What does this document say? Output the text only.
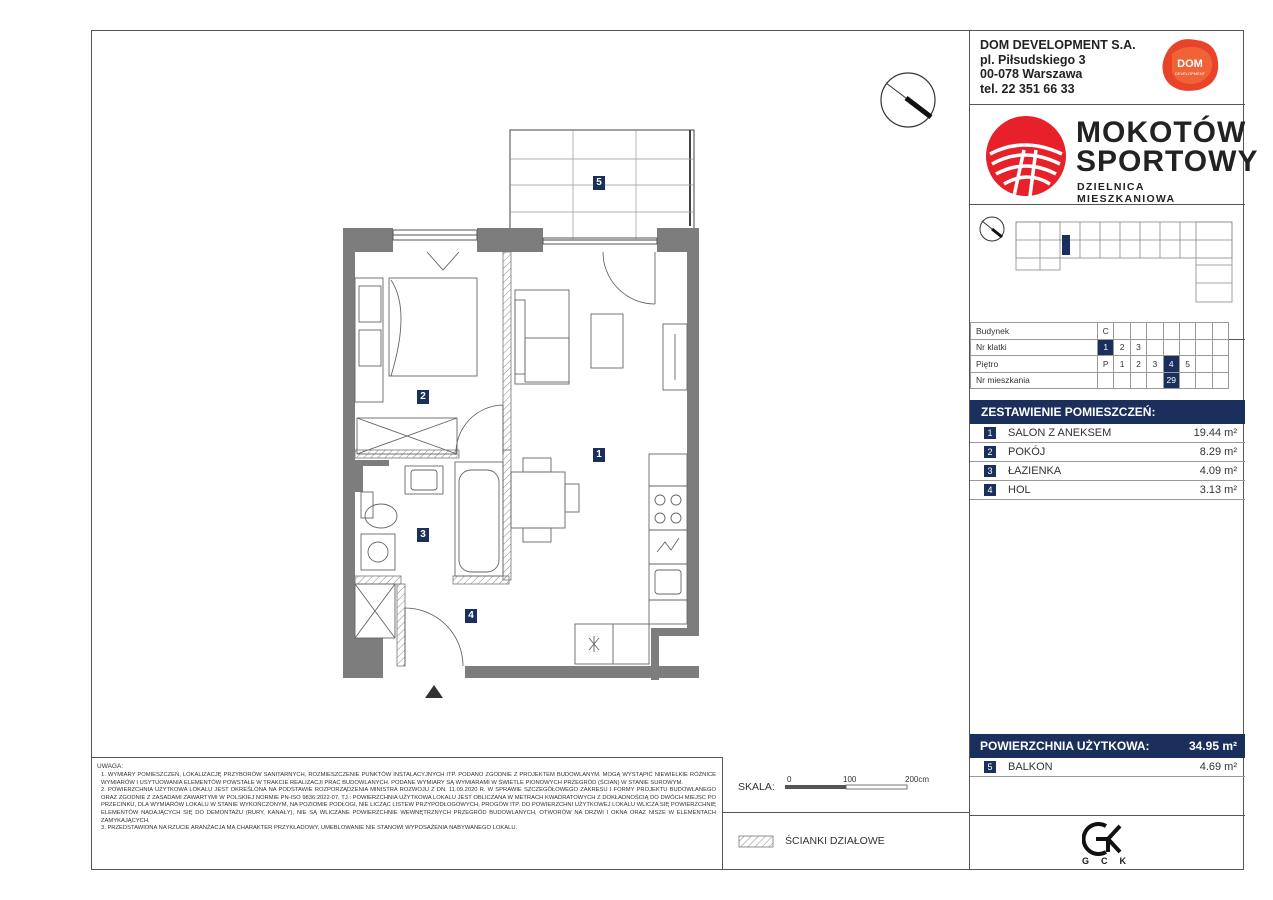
5
2
1
3
4
DOM DEVELOPMENT S.A.
pl. Piłsudskiego 3
00-078 Warszawa
tel. 22 351 66 33
DOM
DEVELOPMENT
MOKOTÓW
SPORTOWY
DZIELNICA MIESZKANIOWA
Budynek	C							
Nr klatki	1	2	3					
Piętro	P	1	2	3	4	5		
Nr mieszkania					29			
ZESTAWIENIE POMIESZCZEŃ:
1	SALON Z ANEKSEM	19.44 m²
2	POKÓJ	8.29 m²
3	ŁAZIENKA	4.09 m²
4	HOL	3.13 m²
POWIERZCHNIA UŻYTKOWA:	34.95 m²
5	BALKON	4.69 m²
GCK
UWAGA:
1. WYMIARY POMIESZCZEŃ, LOKALIZACJĘ PRZYBORÓW SANITARNYCH, ROZMIESZCZENIE PUNKTÓW INSTALACYJNYCH ITP. PODANO ZGODNIE Z PROJEKTEM BUDOWLANYM. MOGĄ WYSTĄPIĆ NIEWIELKIE RÓŻNICE WYMIARÓW I USYTUOWANIA ELEMENTÓW POWSTAŁE W TRAKCIE REALIZACJI PRAC BUDOWLANYCH. PODANE WYMIARY SĄ WYMIARAMI W ŚWIETLE PIONOWYCH PRZEGRÓD (ŚCIAN) W STANIE SUROWYM.
2. POWIERZCHNIA UŻYTKOWA LOKALU JEST OKREŚLONA NA PODSTAWIE ROZPORZĄDZENIA MINISTRA ROZWOJU Z DN. 11.09.2020 R. W SPRAWIE SZCZEGÓŁOWEGO ZAKRESU I FORMY PROJEKTU BUDOWLANEGO ORAZ ZGODNIE Z ZASADAMI ZAWARTYMI W POLSKIEJ NORMIE PN-ISO 9836:2022-07, TJ.: POWIERZCHNIA UŻYTKOWA LOKALU JEST OBLICZANA W METRACH KWADRATOWYCH Z DOKŁADNOŚCIĄ DO DWÓCH MIEJSC PO PRZECINKU, DLA WYMIARÓW LOKALU W STANIE WYKOŃCZONYM, NA POZIOMIE PODŁOGI, NIE LICZĄC LISTEW PRZYPODŁOGOWYCH, PROGÓW ITP. DO POWIERZCHNI UŻYTKOWEJ LOKALU WLICZA SIĘ POWIERZCHNIĘ ELEMENTÓW NADAJĄCYCH SIĘ DO DEMONTAŻU (RURY, KANAŁY), NIE SĄ WLICZANE POWIERZCHNIE WEWNĘTRZNYCH PRZEGRÓD BUDOWLANYCH, OTWORÓW NA DRZWI I OKNA ORAZ NISZE W ELEMENTACH ZAMYKAJĄCYCH.
3. PRZEDSTAWIONA NA RZUCIE ARANŻACJA MA CHARAKTER PRZYKŁADOWY, UMEBLOWANIE NIE STANOWI WYPOSAŻENIA NABYWANEGO LOKALU.
SKALA:
0	100	200cm
ŚCIANKI DZIAŁOWE
